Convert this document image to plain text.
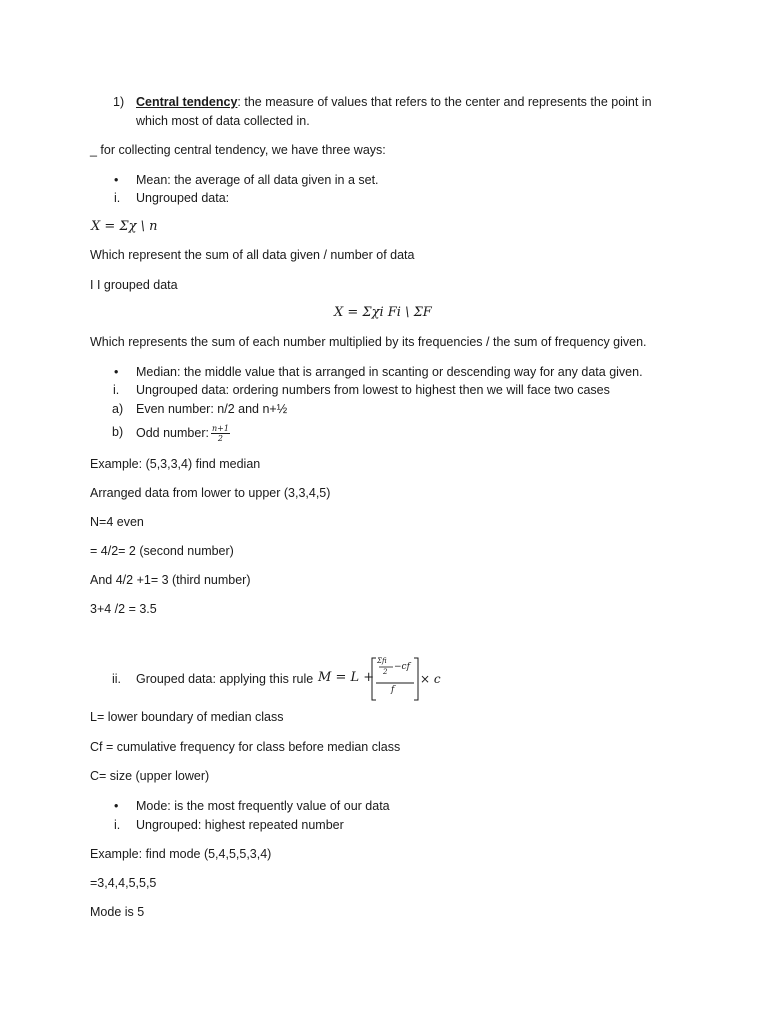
1) Central tendency: the measure of values that refers to the center and represents the point in
which most of data collected in.
_ for collecting central tendency, we have three ways:
• Mean: the average of all data given in a set.
i. Ungrouped data:
X = Σχ \ n
Which represent the sum of all data given / number of data
I I grouped data
X = Σχi Fi \ ΣF
Which represents the sum of each number multiplied by its frequencies / the sum of frequency given.
• Median: the middle value that is arranged in scanting or descending way for any data given.
i. Ungrouped data: ordering numbers from lowest to highest then we will face two cases
a) Even number: n/2 and n+½
b) Odd number: $\frac{n+1}{2}$
Example: (5,3,3,4) find median
Arranged data from lower to upper (3,3,4,5)
N=4 even
= 4/2= 2 (second number)
And 4/2 +1= 3 (third number)
3+4 /2 = 3.5
ii. Grouped data: applying this rule M = L +
Σfi
2 −cf
f
× c
L= lower boundary of median class
Cf = cumulative frequency for class before median class
C= size (upper lower)
• Mode: is the most frequently value of our data
i. Ungrouped: highest repeated number
Example: find mode (5,4,5,5,3,4)
=3,4,4,5,5,5
Mode is 5
